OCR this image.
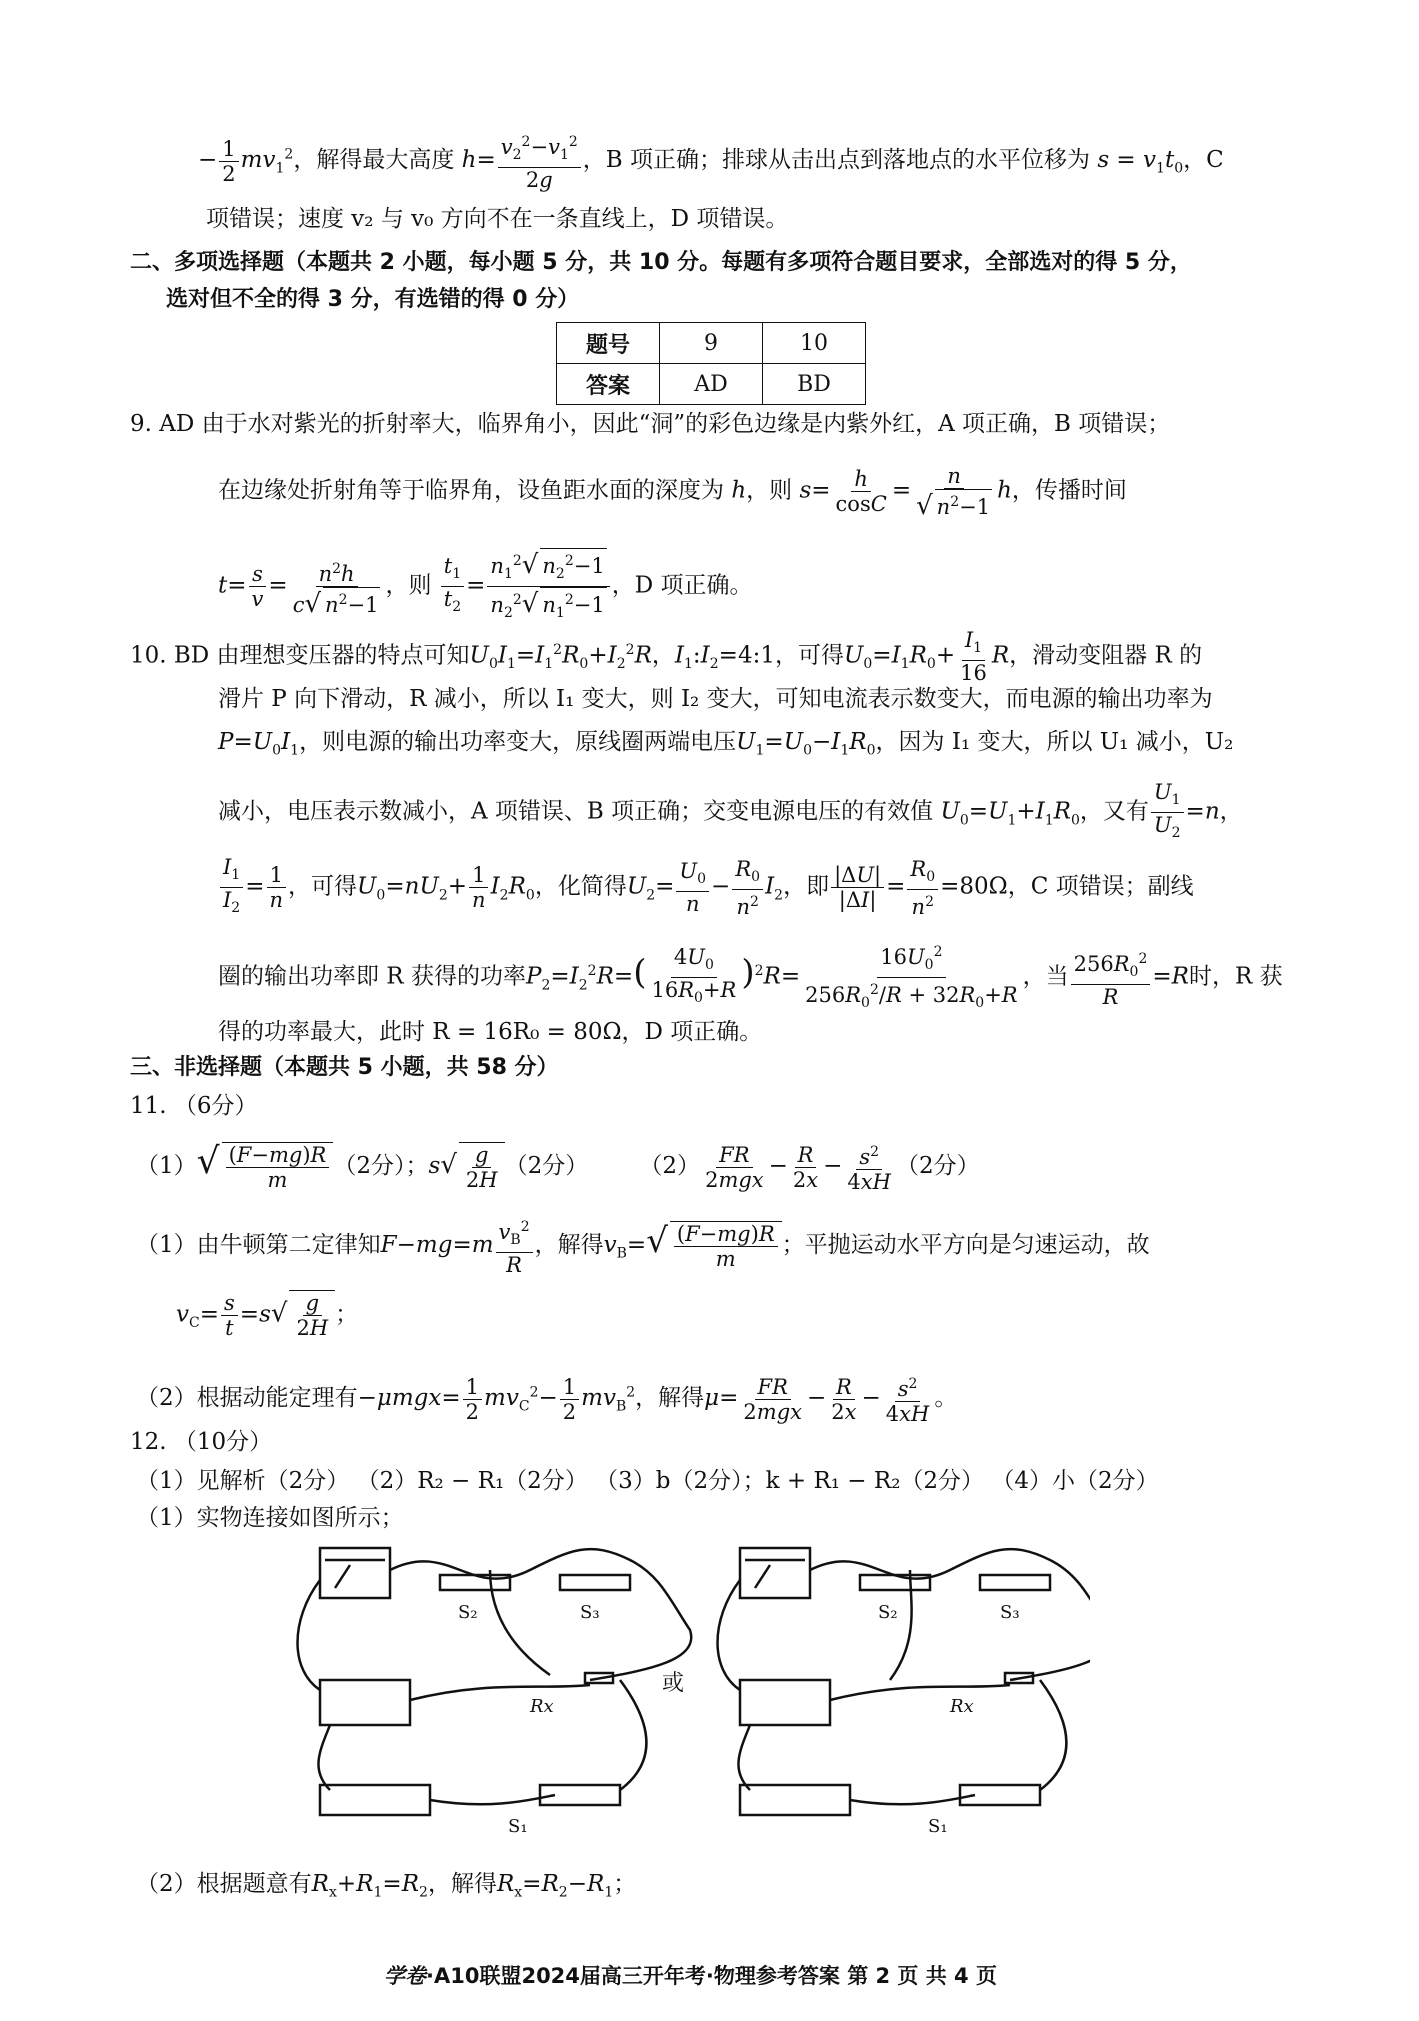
− $\frac{1}{2} mv_1^2$，解得最大高度 $h= \frac{v_2^2-v_1^2}{2g}$ ，B 项正确；排球从击出点到落地点的水平位移为 $s = v_1t_0$，C
项错误；速度 v₂ 与 v₀ 方向不在一条直线上，D 项错误。
二、多项选择题（本题共 2 小题，每小题 5 分，共 10 分。每题有多项符合题目要求，全部选对的得 5 分，
选对但不全的得 3 分，有选错的得 0 分）
题号	9	10
答案	AD	BD
9. AD 由于水对紫光的折射率大，临界角小，因此“洞”的彩色边缘是内紫外红，A 项正确，B 项错误；
在边缘处折射角等于临界角，设鱼距水面的深度为 h，则 $s= \frac{h}{\cos C} = \frac{n}{√ n^2-1}$ h，传播时间
$t= \frac{s}{v} = \frac{n^2h}{c√ n^2-1}$ ，则 $\frac{t_1}{t_2} = \frac{n_1^2√ n_2^2-1}{n_2^2√ n_1^2-1}$ ，D 项正确。
10. BD 由理想变压器的特点可知$U_0I_1=I_1^2R_0+I_2^2R$，$I_1:I_2=4:1$，可得$U_0=I_1R_0+ \frac{I_1}{16}$ R，滑动变阻器 R 的
滑片 P 向下滑动，R 减小，所以 I₁ 变大，则 I₂ 变大，可知电流表示数变大，而电源的输出功率为
$P=U_0I_1$，则电源的输出功率变大，原线圈两端电压$U_1=U_0-I_1R_0$，因为 I₁ 变大，所以 U₁ 减小，U₂
减小，电压表示数减小，A 项错误、B 项正确；交变电源电压的有效值 $U_0=U_1+I_1R_0$，又有 $\frac{U_1}{U_2} =n$，
$\frac{I_1}{I_2} = \frac{1}{n}$ ，可得$U_0=nU_2+ \frac{1}{n} I_2R_0$，化简得$U_2= \frac{U_0}{n} - \frac{R_0}{n^2} I_2$，即 $\frac{|\Delta U|}{|\Delta I|} = \frac{R_0}{n^2} =80\Omega$，C 项错误；副线
圈的输出功率即 R 获得的功率$P_2=I_2^2R=( \frac{4U_0}{16R_0+R} )^2R= \frac{16U_0^2}{256R_0^2/R + 32R_0+R}$ ，当 $\frac{256R_0^2}{R} =R$时，R 获
得的功率最大，此时 R = 16R₀ = 80Ω，D 项正确。
三、非选择题（本题共 5 小题，共 58 分）
11. （6分）
$(1)√ \frac{(F-mg)R}{m} (2$分）；$s√ \frac{g}{2H} (2$分） $(2) \frac{FR}{\text{2mgx}} - \frac{R}{2x} - \frac{s^2}{4xH} (2$分）
（1）由牛顿第二定律知$F-mg=m \frac{v_B^2}{R}$ ，解得$v_B=√ \frac{(F-mg)R}{m}$ ；平抛运动水平方向是匀速运动，故
$v_C= \frac{s}{t} =s√ \frac{g}{2H}$ ；
（2）根据动能定理有$-\mu mgx= \frac{1}{2} mv_C^2- \frac{1}{2} mv_B^2$，解得$\mu= \frac{FR}{\text{2mgx}} - \frac{R}{2x} - \frac{s^2}{4xH}$ 。
12. （10分）
（1）见解析（2分） （2）R₂ − R₁（2分） （3）b（2分）；k + R₁ − R₂（2分） （4）小（2分）
（1）实物连接如图所示；
S₂	S₃
Rx
S₁
或
S₂	S₃
Rx
S₁
（2）根据题意有$R_x+R_1=R_2$，解得$R_x=R_2-R_1$；
学卷·A10联盟2024届高三开年考·物理参考答案 第 2 页 共 4 页
